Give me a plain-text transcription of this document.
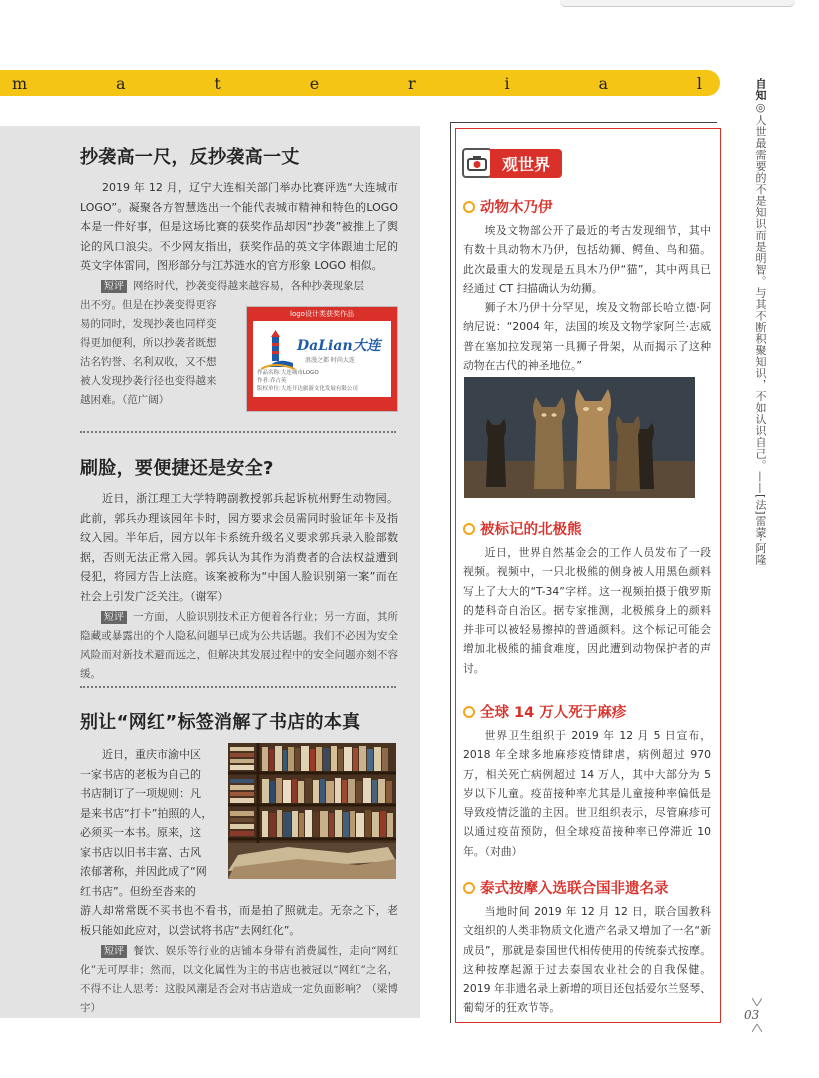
m	a	t	e	r	i	a	l
抄袭高一尺，反抄袭高一丈

2019 年 12 月，辽宁大连相关部门举办比赛评选“大连城市 LOGO”。凝聚各方智慧选出一个能代表城市精神和特色的LOGO本是一件好事，但是这场比赛的获奖作品却因“抄袭”被推上了舆论的风口浪尖。不少网友指出，获奖作品的英文字体跟迪士尼的英文字体雷同，图形部分与江苏涟水的官方形象 LOGO 相似。

短评 网络时代，抄袭变得越来越容易，各种抄袭现象层

出不穷。但是在抄袭变得更容
易的同时，发现抄袭也同样变
得更加便利，所以抄袭者既想
沽名钓誉、名利双收，又不想
被人发现抄袭行径也变得越来
越困难。（范广阔）
logo设计类获奖作品
DaLian大连
浪漫之都 时尚大连
作品名称:大连城市LOGO
作者:乔占英
版权单位:大连开达旅游文化发展有限公司
刷脸，要便捷还是安全?

近日，浙江理工大学特聘副教授郭兵起诉杭州野生动物园。此前，郭兵办理该园年卡时，园方要求会员需同时验证年卡及指纹入园。半年后，园方以年卡系统升级名义要求郭兵录入脸部数据，否则无法正常入园。郭兵认为其作为消费者的合法权益遭到侵犯，将园方告上法庭。该案被称为“中国人脸识别第一案”而在社会上引发广泛关注。（谢军）

短评 一方面，人脸识别技术正方便着各行业；另一方面，其所隐藏或暴露出的个人隐私问题早已成为公共话题。我们不必因为安全风险而对新技术避而远之，但解决其发展过程中的安全问题亦刻不容缓。

别让“网红”标签消解了书店的本真
近日，重庆市渝中区
一家书店的老板为自己的
书店制订了一项规则：凡
是来书店“打卡”拍照的人，
必须买一本书。原来，这
家书店以旧书丰富、古风
浓郁著称，并因此成了“网
红书店”。但纷至沓来的

游人却常常既不买书也不看书，而是拍了照就走。无奈之下，老板只能如此应对，以尝试将书店“去网红化”。

短评 餐饮、娱乐等行业的店铺本身带有消费属性，走向“网红化”无可厚非；然而，以文化属性为主的书店也被冠以“网红”之名，不得不让人思考：这股风潮是否会对书店造成一定负面影响？（梁博宇）

观世界
动物木乃伊

埃及文物部公开了最近的考古发现细节，其中有数十具动物木乃伊，包括幼狮、鳄鱼、鸟和猫。此次最重大的发现是五具木乃伊“猫”，其中两具已经通过 CT 扫描确认为幼狮。

狮子木乃伊十分罕见，埃及文物部长哈立德·阿纳尼说：“2004 年，法国的埃及文物学家阿兰·志威普在塞加拉发现第一具狮子骨架，从而揭示了这种动物在古代的神圣地位。”

被标记的北极熊

近日，世界自然基金会的工作人员发布了一段视频。视频中，一只北极熊的侧身被人用黑色颜料写上了大大的“T-34”字样。这一视频拍摄于俄罗斯的楚科奇自治区。据专家推测，北极熊身上的颜料并非可以被轻易擦掉的普通颜料。这个标记可能会增加北极熊的捕食难度，因此遭到动物保护者的声讨。

全球 14 万人死于麻疹

世界卫生组织于 2019 年 12 月 5 日宣布，2018 年全球多地麻疹疫情肆虐，病例超过 970 万，相关死亡病例超过 14 万人，其中大部分为 5 岁以下儿童。疫苗接种率尤其是儿童接种率偏低是导致疫情泛滥的主因。世卫组织表示，尽管麻疹可以通过疫苗预防，但全球疫苗接种率已停滞近 10 年。（对曲）

泰式按摩入选联合国非遗名录

当地时间 2019 年 12 月 12 日，联合国教科文组织的人类非物质文化遗产名录又增加了一名“新成员”，那就是泰国世代相传使用的传统泰式按摩。这种按摩起源于过去泰国农业社会的自我保健。2019 年非遗名录上新增的项目还包括爱尔兰竖琴、葡萄牙的狂欢节等。

自知◎人世最需要的不是知识而是明智。与其不断积聚知识，不如认识自己。——[法]雷蒙·阿隆
03
